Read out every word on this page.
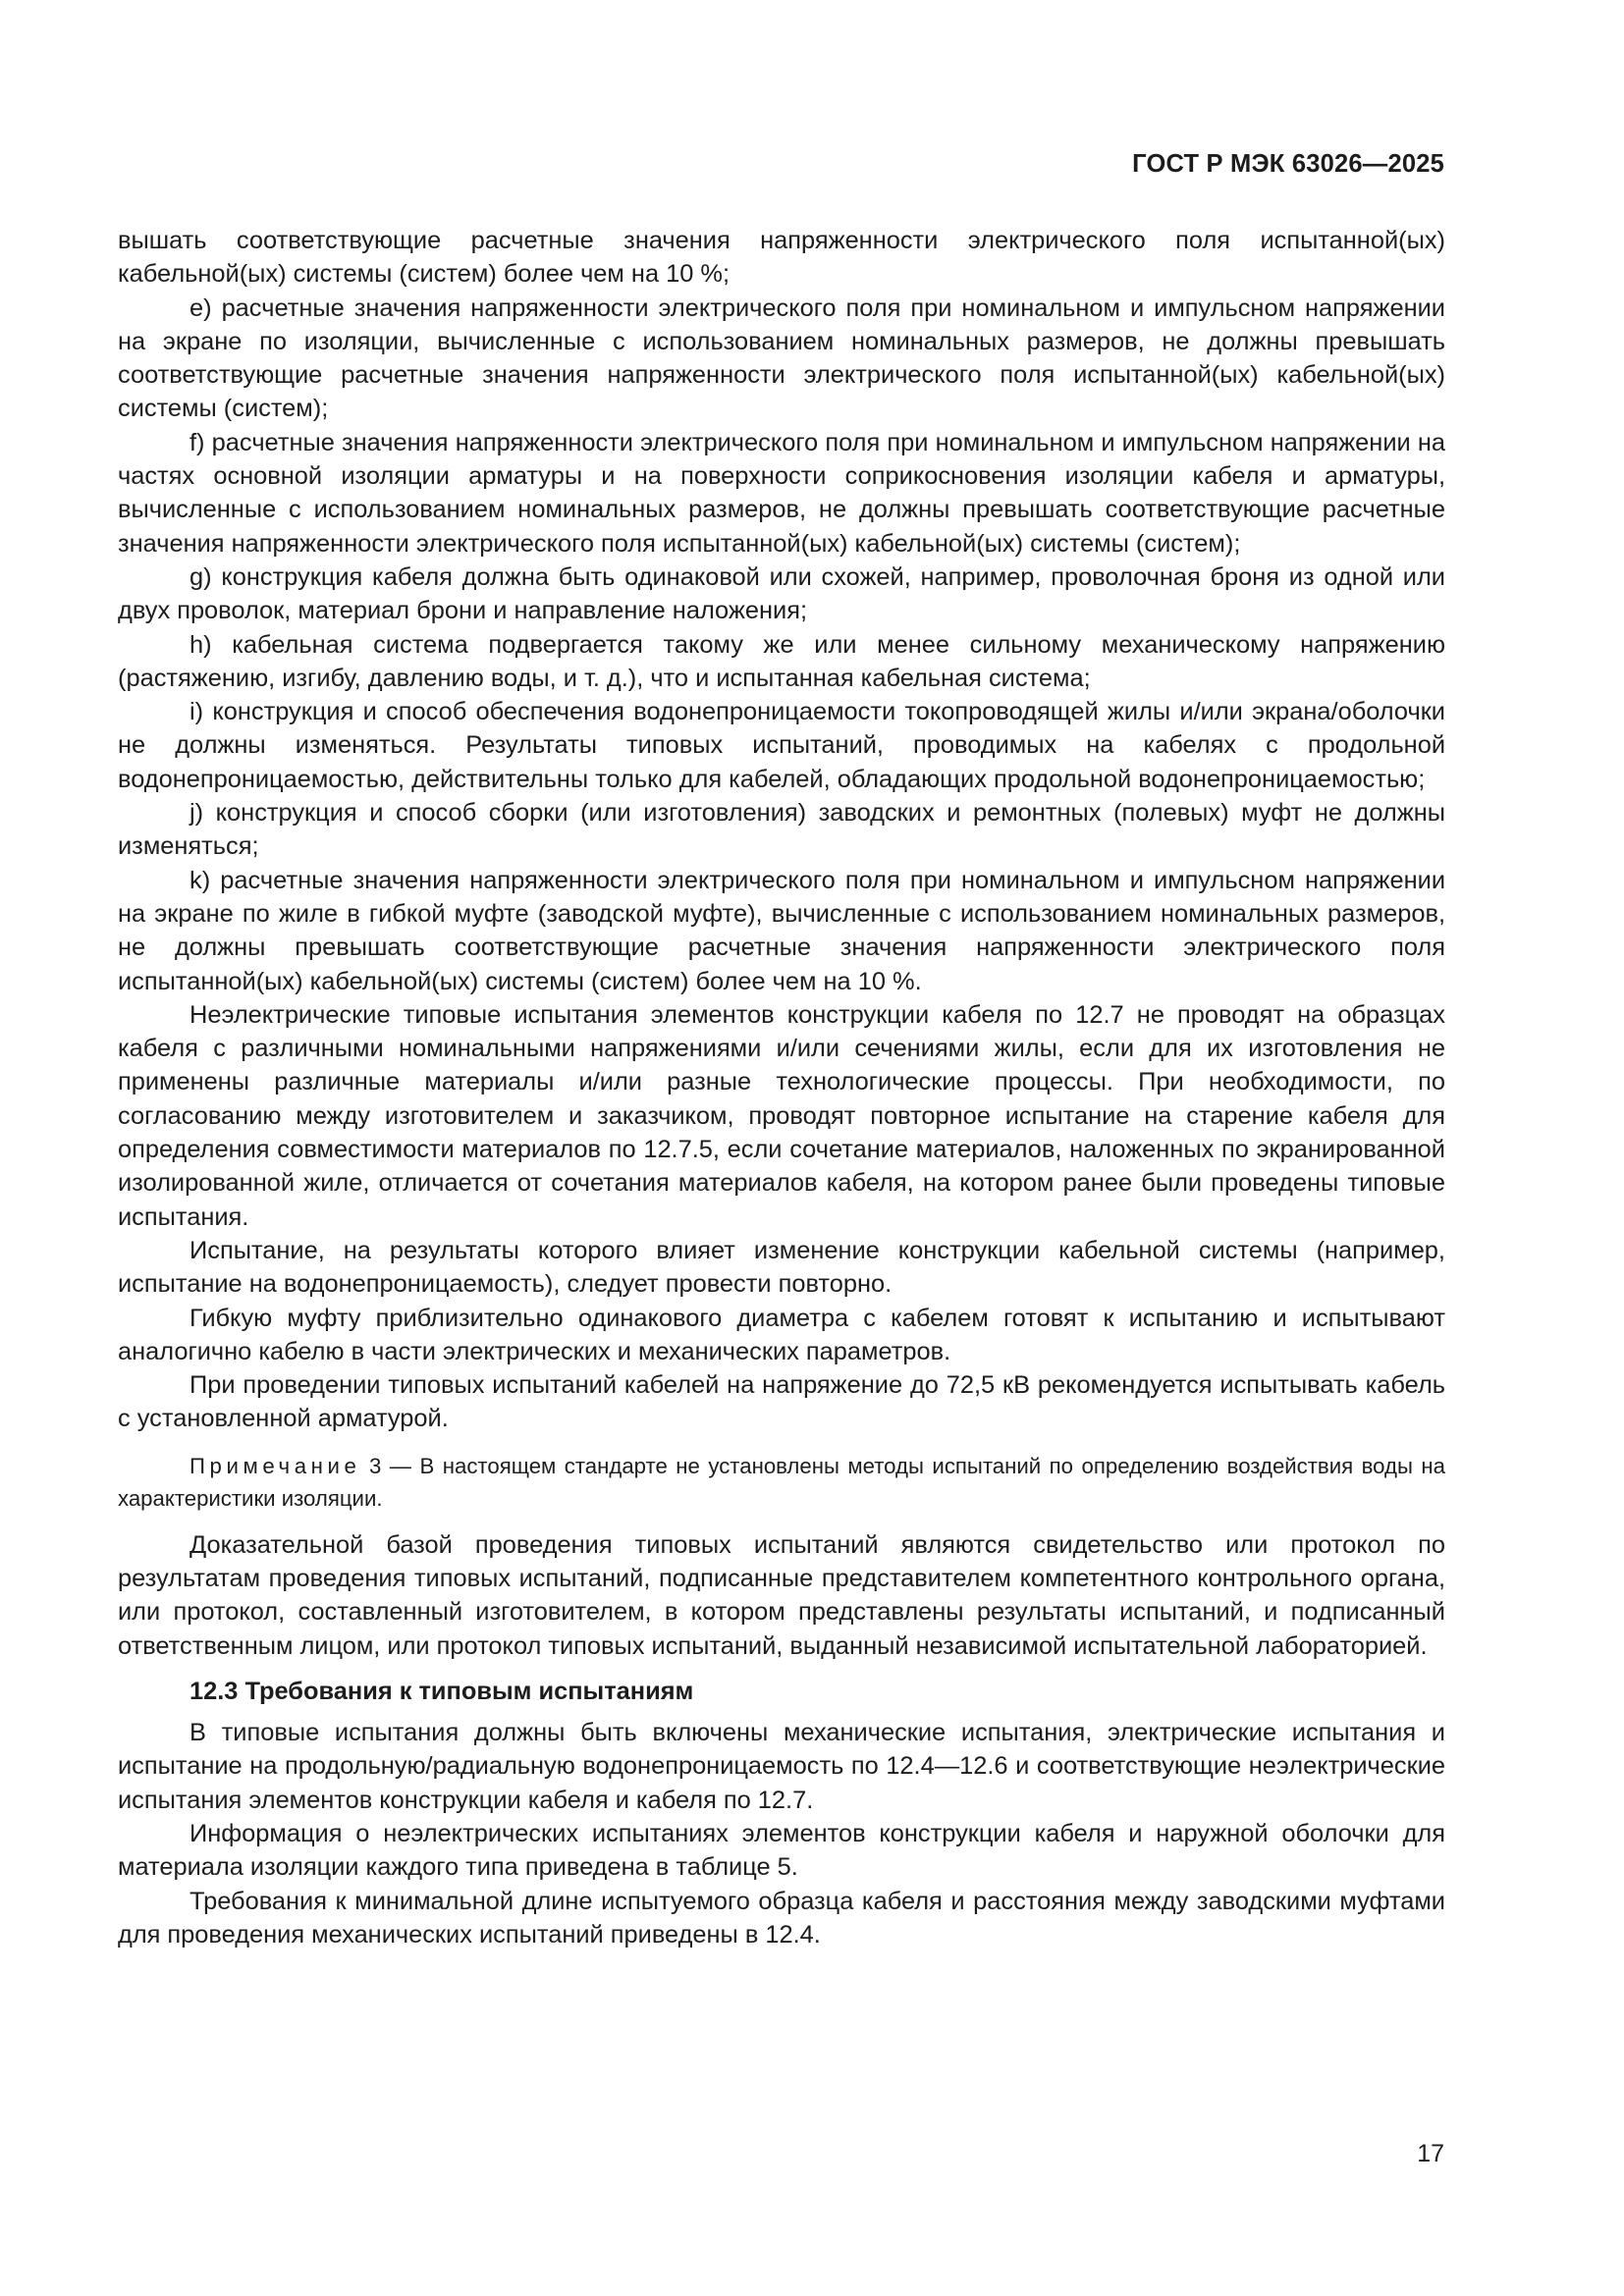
ГОСТ Р МЭК 63026—2025

вышать соответствующие расчетные значения напряженности электрического поля испытанной(ых) кабельной(ых) системы (систем) более чем на 10 %;

е) расчетные значения напряженности электрического поля при номинальном и импульсном напряжении на экране по изоляции, вычисленные с использованием номинальных размеров, не должны превышать соответствующие расчетные значения напряженности электрического поля испытанной(ых) кабельной(ых) системы (систем);

f) расчетные значения напряженности электрического поля при номинальном и импульсном напряжении на частях основной изоляции арматуры и на поверхности соприкосновения изоляции кабеля и арматуры, вычисленные с использованием номинальных размеров, не должны превышать соответствующие расчетные значения напряженности электрического поля испытанной(ых) кабельной(ых) системы (систем);

g) конструкция кабеля должна быть одинаковой или схожей, например, проволочная броня из одной или двух проволок, материал брони и направление наложения;

h) кабельная система подвергается такому же или менее сильному механическому напряжению (растяжению, изгибу, давлению воды, и т. д.), что и испытанная кабельная система;

i) конструкция и способ обеспечения водонепроницаемости токопроводящей жилы и/или экрана/оболочки не должны изменяться. Результаты типовых испытаний, проводимых на кабелях с продольной водонепроницаемостью, действительны только для кабелей, обладающих продольной водонепроницаемостью;

j) конструкция и способ сборки (или изготовления) заводских и ремонтных (полевых) муфт не должны изменяться;

k) расчетные значения напряженности электрического поля при номинальном и импульсном напряжении на экране по жиле в гибкой муфте (заводской муфте), вычисленные с использованием номинальных размеров, не должны превышать соответствующие расчетные значения напряженности электрического поля испытанной(ых) кабельной(ых) системы (систем) более чем на 10 %.

Неэлектрические типовые испытания элементов конструкции кабеля по 12.7 не проводят на образцах кабеля с различными номинальными напряжениями и/или сечениями жилы, если для их изготовления не применены различные материалы и/или разные технологические процессы. При необходимости, по согласованию между изготовителем и заказчиком, проводят повторное испытание на старение кабеля для определения совместимости материалов по 12.7.5, если сочетание материалов, наложенных по экранированной изолированной жиле, отличается от сочетания материалов кабеля, на котором ранее были проведены типовые испытания.

Испытание, на результаты которого влияет изменение конструкции кабельной системы (например, испытание на водонепроницаемость), следует провести повторно.

Гибкую муфту приблизительно одинакового диаметра с кабелем готовят к испытанию и испытывают аналогично кабелю в части электрических и механических параметров.

При проведении типовых испытаний кабелей на напряжение до 72,5 кВ рекомендуется испытывать кабель с установленной арматурой.

Примечание 3 — В настоящем стандарте не установлены методы испытаний по определению воздействия воды на характеристики изоляции.

Доказательной базой проведения типовых испытаний являются свидетельство или протокол по результатам проведения типовых испытаний, подписанные представителем компетентного контрольного органа, или протокол, составленный изготовителем, в котором представлены результаты испытаний, и подписанный ответственным лицом, или протокол типовых испытаний, выданный независимой испытательной лабораторией.

12.3 Требования к типовым испытаниям

В типовые испытания должны быть включены механические испытания, электрические испытания и испытание на продольную/радиальную водонепроницаемость по 12.4—12.6 и соответствующие неэлектрические испытания элементов конструкции кабеля и кабеля по 12.7.

Информация о неэлектрических испытаниях элементов конструкции кабеля и наружной оболочки для материала изоляции каждого типа приведена в таблице 5.

Требования к минимальной длине испытуемого образца кабеля и расстояния между заводскими муфтами для проведения механических испытаний приведены в 12.4.

17
